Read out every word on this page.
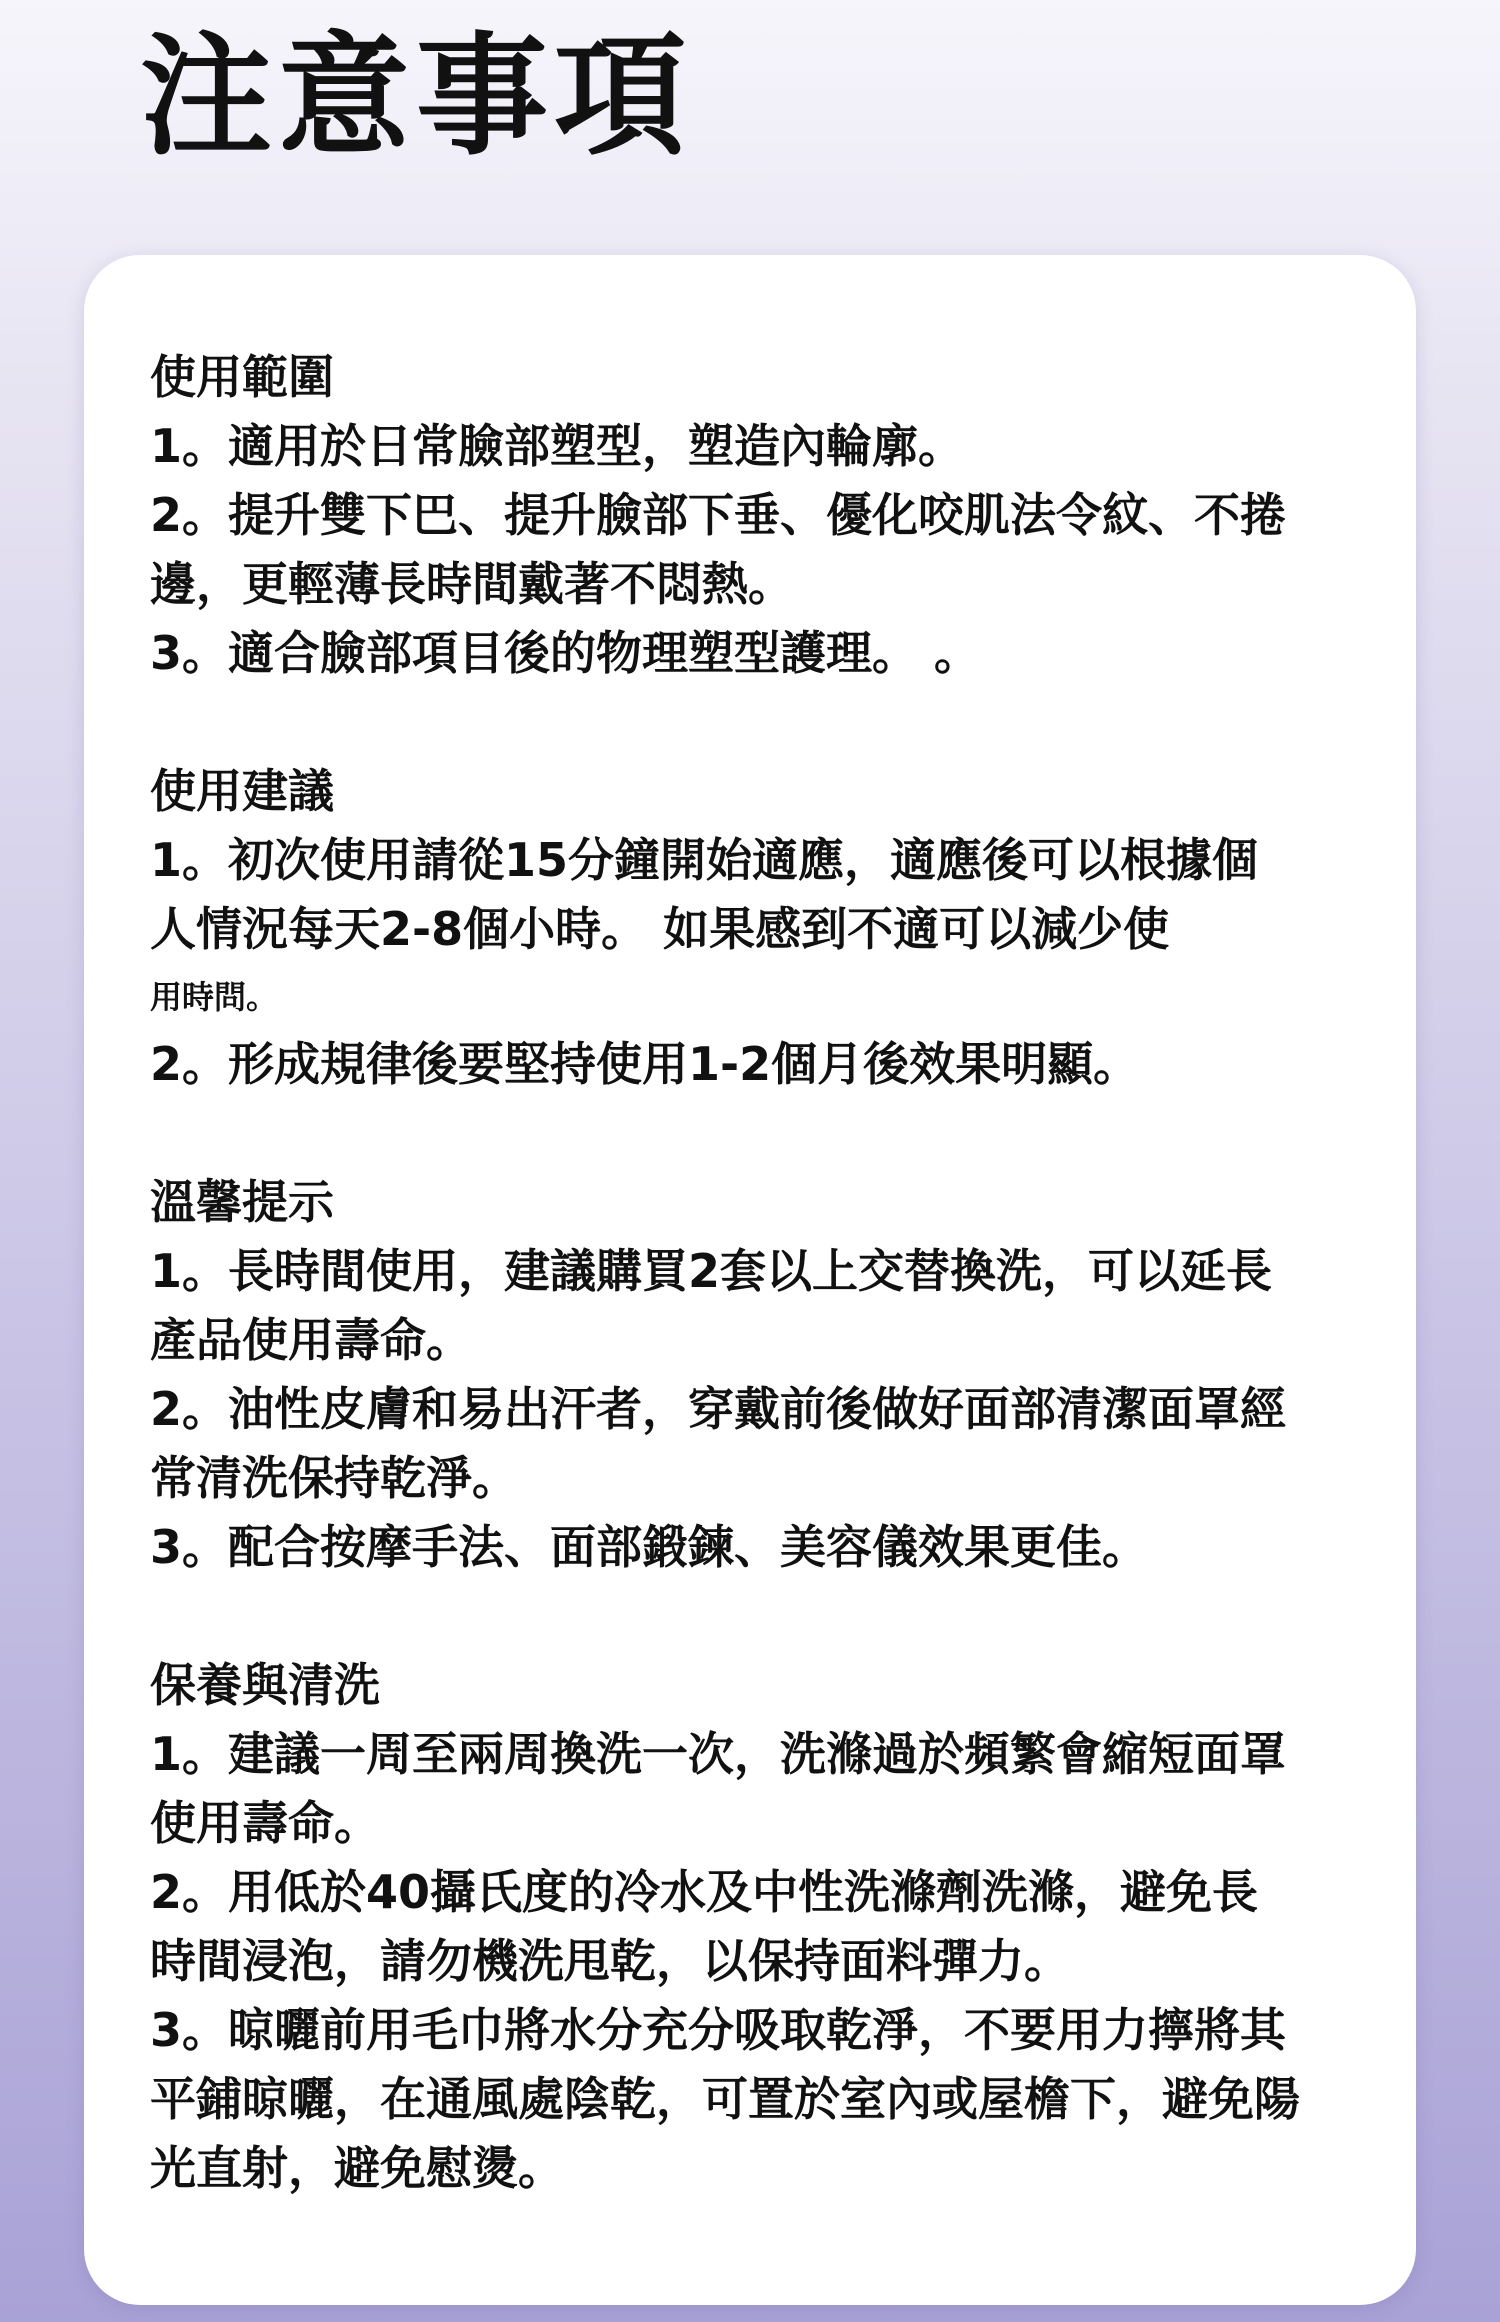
注意事項

使用範圍

1。適用於日常臉部塑型，塑造內輪廓。

2。提升雙下巴、提升臉部下垂、優化咬肌法令紋、不捲邊，更輕薄長時間戴著不悶熱。

3。適合臉部項目後的物理塑型護理。 。

使用建議

1。初次使用請從15分鐘開始適應，適應後可以根據個人情況每天2-8個小時。 如果感到不適可以減少使
用時問。

2。形成規律後要堅持使用1-2個月後效果明顯。

溫馨提示

1。長時間使用，建議購買2套以上交替換洗，可以延長產品使用壽命。

2。油性皮膚和易出汗者，穿戴前後做好面部清潔面罩經常清洗保持乾淨。

3。配合按摩手法、面部鍛鍊、美容儀效果更佳。

保養與清洗

1。建議一周至兩周換洗一次，洗滌過於頻繁會縮短面罩使用壽命。

2。用低於40攝氏度的冷水及中性洗滌劑洗滌，避免長時間浸泡，請勿機洗甩乾，以保持面料彈力。

3。晾曬前用毛巾將水分充分吸取乾淨，不要用力擰將其平鋪晾曬，在通風處陰乾，可置於室內或屋檐下，避免陽光直射，避免慰燙。
